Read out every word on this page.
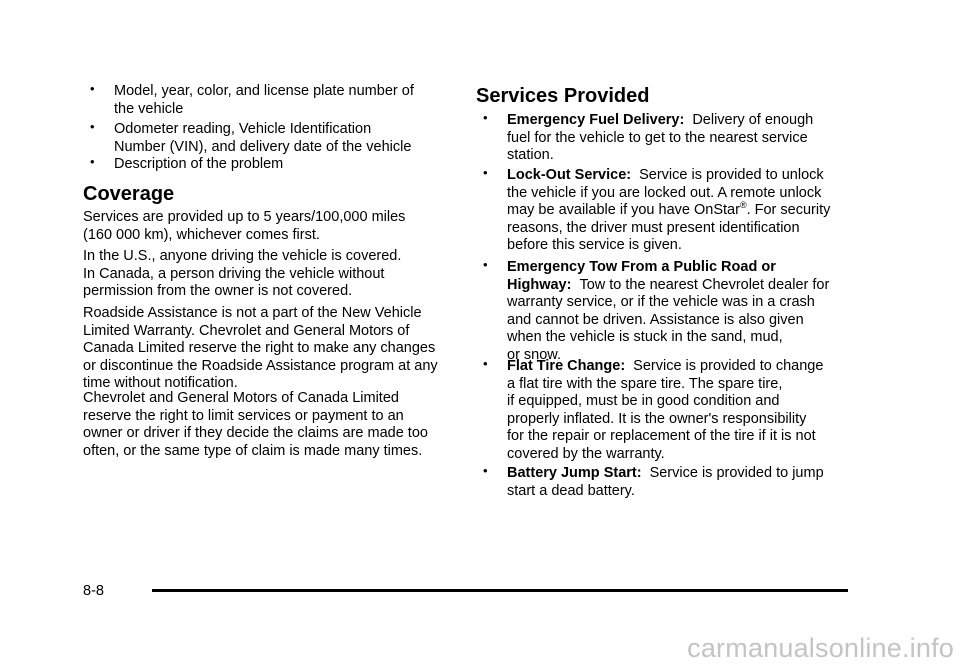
• Model, year, color, and license plate number of
the vehicle
• Odometer reading, Vehicle Identification
Number (VIN), and delivery date of the vehicle
• Description of the problem
Coverage

Services are provided up to 5 years/100,000 miles
(160 000 km), whichever comes first.

In the U.S., anyone driving the vehicle is covered.
In Canada, a person driving the vehicle without
permission from the owner is not covered.

Roadside Assistance is not a part of the New Vehicle
Limited Warranty. Chevrolet and General Motors of
Canada Limited reserve the right to make any changes
or discontinue the Roadside Assistance program at any
time without notification.

Chevrolet and General Motors of Canada Limited
reserve the right to limit services or payment to an
owner or driver if they decide the claims are made too
often, or the same type of claim is made many times.

Services Provided
• Emergency Fuel Delivery: Delivery of enough
fuel for the vehicle to get to the nearest service
station.
• Lock-Out Service: Service is provided to unlock
the vehicle if you are locked out. A remote unlock
may be available if you have OnStar®. For security
reasons, the driver must present identification
before this service is given.
• Emergency Tow From a Public Road or
Highway: Tow to the nearest Chevrolet dealer for
warranty service, or if the vehicle was in a crash
and cannot be driven. Assistance is also given
when the vehicle is stuck in the sand, mud,
or snow.
• Flat Tire Change: Service is provided to change
a flat tire with the spare tire. The spare tire,
if equipped, must be in good condition and
properly inflated. It is the owner's responsibility
for the repair or replacement of the tire if it is not
covered by the warranty.
• Battery Jump Start: Service is provided to jump
start a dead battery.
8-8
carmanualsonline.info
